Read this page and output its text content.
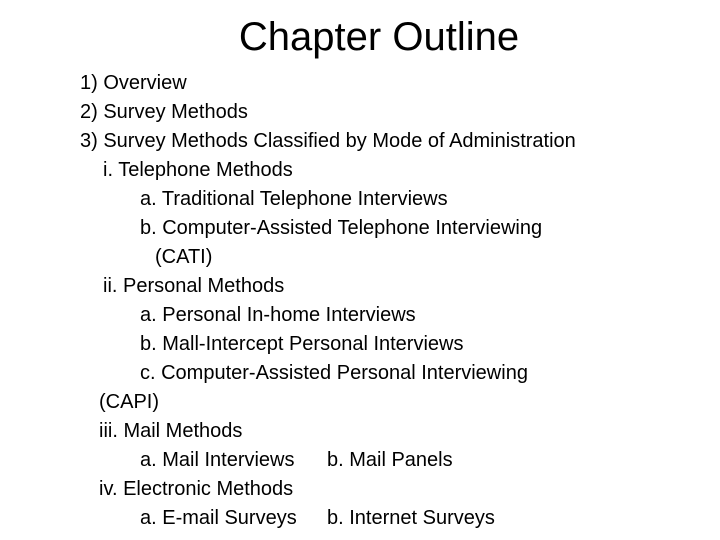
Chapter Outline
1) Overview
2) Survey Methods
3) Survey Methods Classified by Mode of Administration
i. Telephone Methods
a. Traditional Telephone Interviews
b. Computer-Assisted Telephone Interviewing
(CATI)
ii. Personal Methods
a. Personal In-home Interviews
b. Mall-Intercept Personal Interviews
c. Computer-Assisted Personal Interviewing
(CAPI)
iii. Mail Methods
a. Mail Interviews b. Mail Panels
iv. Electronic Methods
a. E-mail Surveys b. Internet Surveys
